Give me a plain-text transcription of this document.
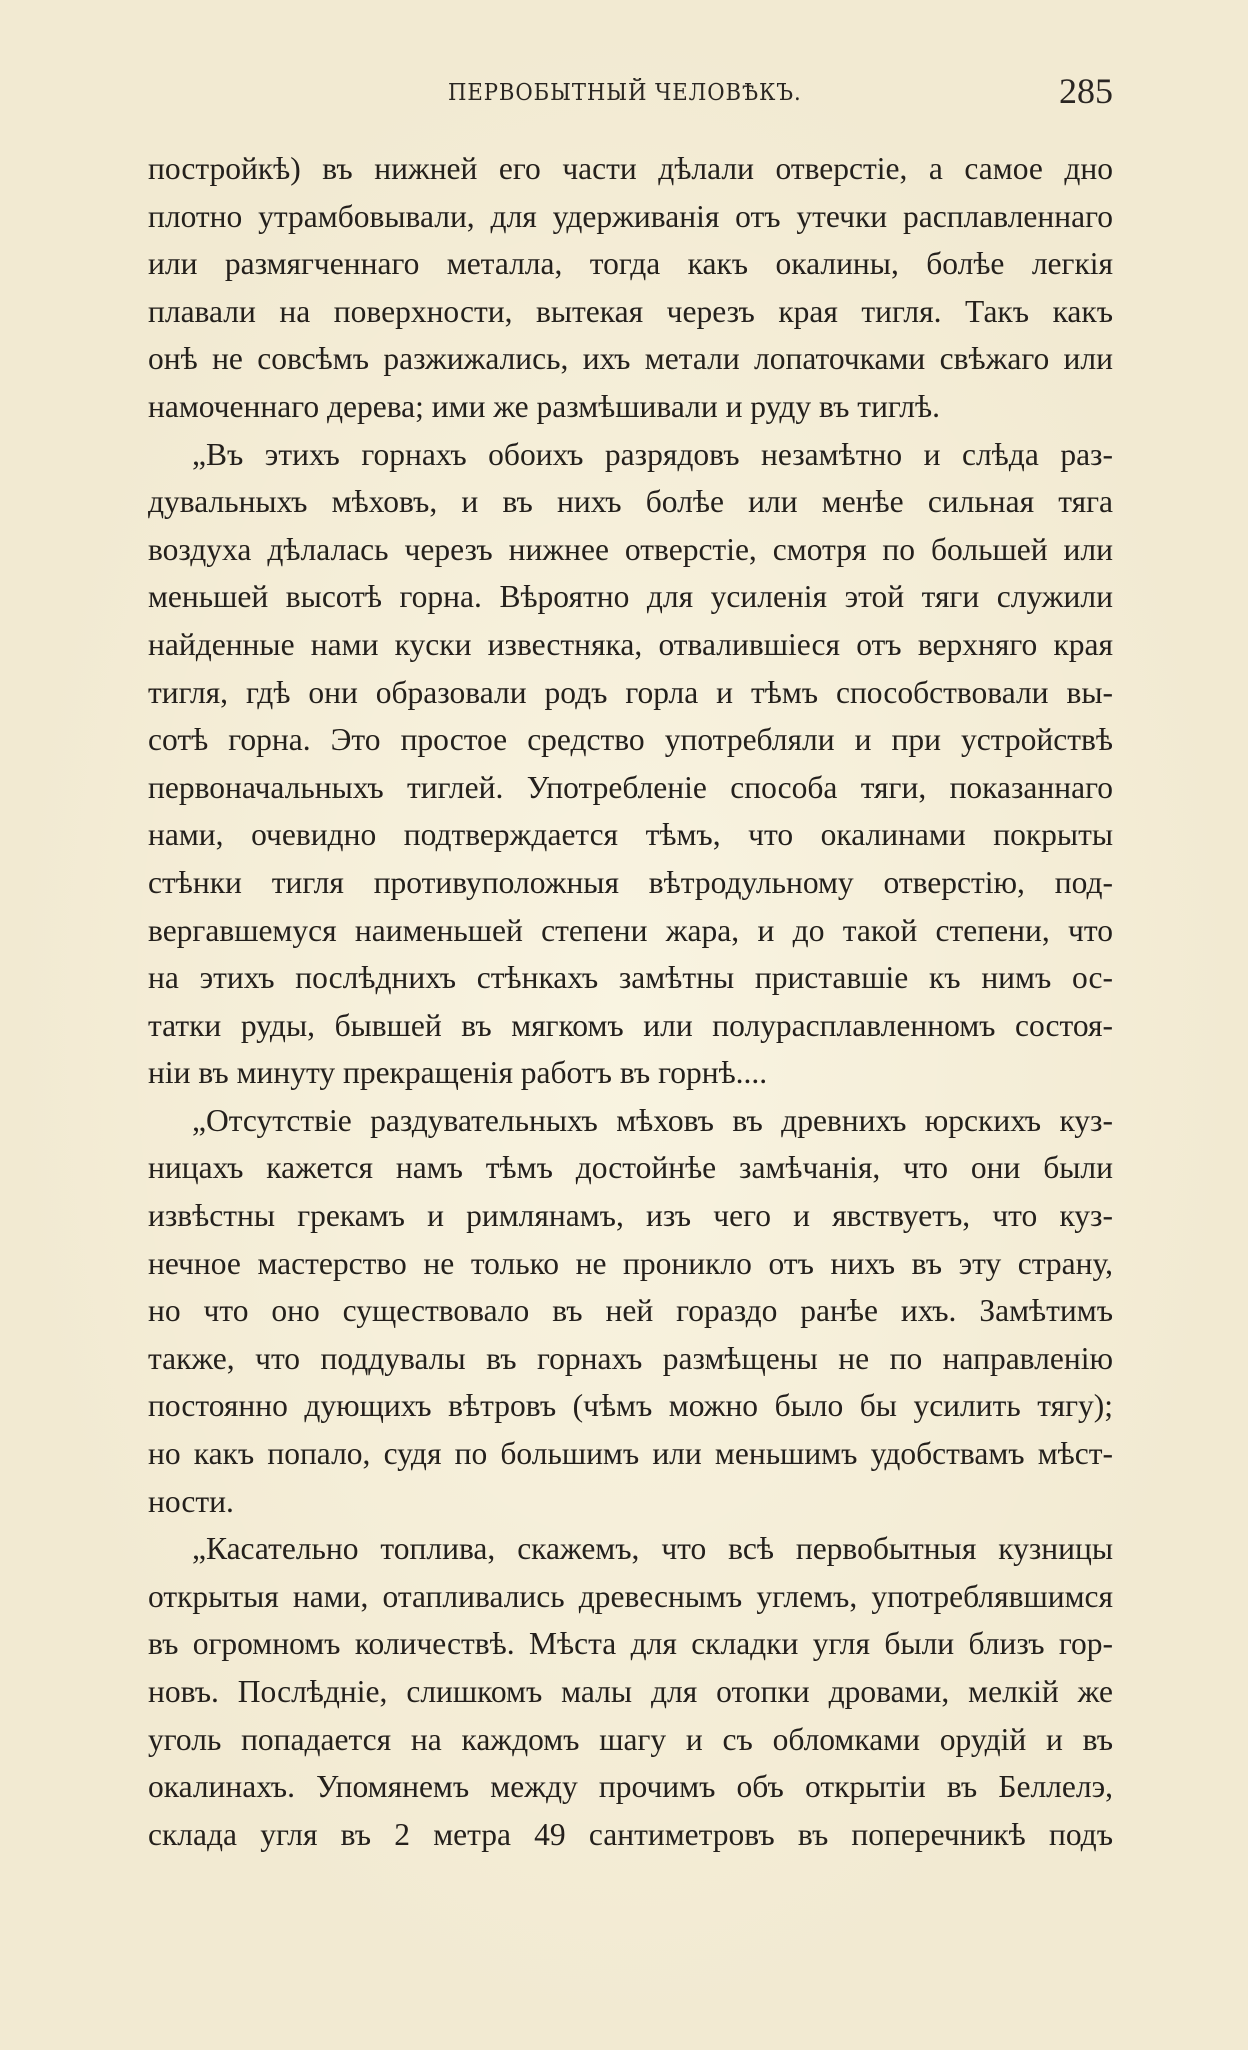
ПЕРВОБЫТНЫЙ ЧЕЛОВѢКЪ.	285
постройкѣ) въ нижней его части дѣлали отверстіе, а самое дно
плотно утрамбовывали, для удерживанія отъ утечки расплавленнаго
или размягченнаго металла, тогда какъ окалины, болѣе легкія
плавали на поверхности, вытекая черезъ края тигля. Такъ какъ
онѣ не совсѣмъ разжижались, ихъ метали лопаточками свѣжаго или
намоченнаго дерева; ими же размѣшивали и руду въ тиглѣ.
„Въ этихъ горнахъ обоихъ разрядовъ незамѣтно и слѣда раз-
дувальныхъ мѣховъ, и въ нихъ болѣе или менѣе сильная тяга
воздуха дѣлалась черезъ нижнее отверстіе, смотря по большей или
меньшей высотѣ горна. Вѣроятно для усиленія этой тяги служили
найденные нами куски известняка, отвалившіеся отъ верхняго края
тигля, гдѣ они образовали родъ горла и тѣмъ способствовали вы-
сотѣ горна. Это простое средство употребляли и при устройствѣ
первоначальныхъ тиглей. Употребленіе способа тяги, показаннаго
нами, очевидно подтверждается тѣмъ, что окалинами покрыты
стѣнки тигля противуположныя вѣтродульному отверстію, под-
вергавшемуся наименьшей степени жара, и до такой степени, что
на этихъ послѣднихъ стѣнкахъ замѣтны приставшіе къ нимъ ос-
татки руды, бывшей въ мягкомъ или полурасплавленномъ состоя-
ніи въ минуту прекращенія работъ въ горнѣ....
„Отсутствіе раздувательныхъ мѣховъ въ древнихъ юрскихъ куз-
ницахъ кажется намъ тѣмъ достойнѣе замѣчанія, что они были
извѣстны грекамъ и римлянамъ, изъ чего и явствуетъ, что куз-
нечное мастерство не только не проникло отъ нихъ въ эту страну,
но что оно существовало въ ней гораздо ранѣе ихъ. Замѣтимъ
также, что поддувалы въ горнахъ размѣщены не по направленію
постоянно дующихъ вѣтровъ (чѣмъ можно было бы усилить тягу);
но какъ попало, судя по большимъ или меньшимъ удобствамъ мѣст-
ности.
„Касательно топлива, скажемъ, что всѣ первобытныя кузницы
открытыя нами, отапливались древеснымъ углемъ, употреблявшимся
въ огромномъ количествѣ. Мѣста для складки угля были близъ гор-
новъ. Послѣдніе, слишкомъ малы для отопки дровами, мелкій же
уголь попадается на каждомъ шагу и съ обломками орудій и въ
окалинахъ. Упомянемъ между прочимъ объ открытіи въ Беллелэ,
склада угля въ 2 метра 49 сантиметровъ въ поперечникѣ подъ
